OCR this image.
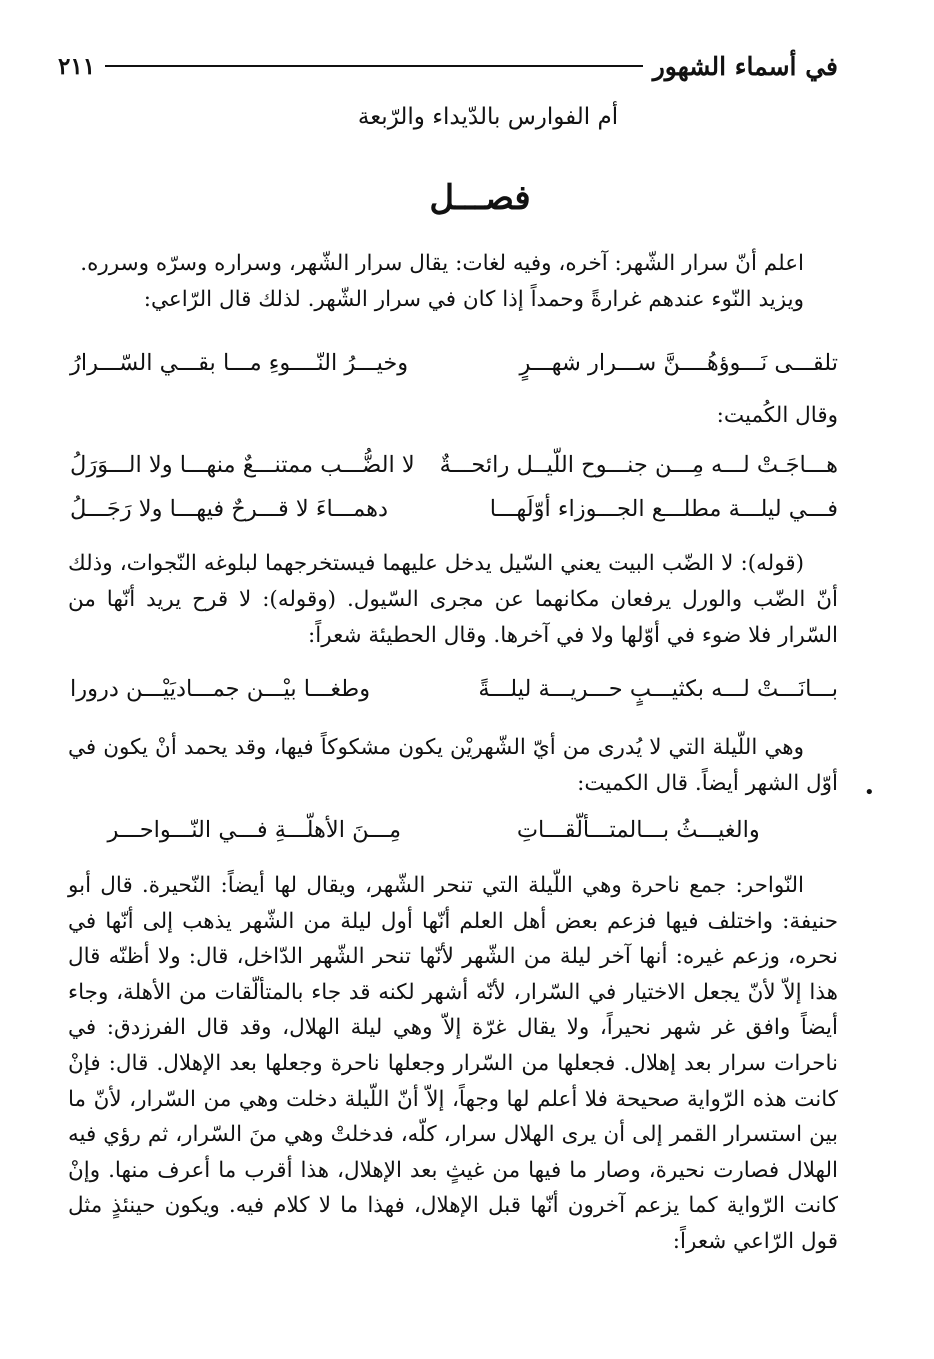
في أسماء الشهور
٢١١
أم الفوارس بالدّيداء والرّبعة
فصـــل

اعلم أنّ سرار الشّهر: آخره، وفيه لغات: يقال سرار الشّهر، وسراره وسرّه وسرره.

ويزيد النّوء عندهم غرارةً وحمداً إذا كان في سرار الشّهر. لذلك قال الرّاعي:

تلقـــى نَـــوؤهُــــنَّ ســـرار شهـــرٍ
وخيـــرُ النّــــوءِ مـــا بقـــي السّـــرارُ

وقال الكُميت:

هـــاجَـتْ لـــه مِـــن جنـــوح اللّيــل رائحـــةٌ
لا الضُّـــب ممتنـــعٌ منهـــا ولا الـــوَرَلُ
فـــي ليلـــة مطلـــع الجـــوزاء أوّلَهـــا
دهمـــاءَ لا قـــرحٌ فيهـــا ولا رَجَـــلُ

(قوله): لا الضّب البيت يعني السّيل يدخل عليهما فيستخرجهما لبلوغه النّجوات، وذلك أنّ الضّب والورل يرفعان مكانهما عن مجرى السّيول. (وقوله): لا قرح يريد أنّها من السّرار فلا ضوء في أوّلها ولا في آخرها. وقال الحطيئة شعراً:

بـــانَـــتْ لـــه بكثيـــبٍ حـــريـــة ليلـــةً
وطغـــا بيْـــن جمـــاديَيْـــن درورا

وهي اللّيلة التي لا يُدرى من أيّ الشّهريْن يكون مشكوكاً فيها، وقد يحمد أنْ يكون في أوّل الشهر أيضاً. قال الكميت: •
والغيـــثُ بـــالمتـــألّقـــاتِ
مِـــنَ الأهلّـــةِ فـــي النّـــواحـــر

النّواحر: جمع ناحرة وهي اللّيلة التي تنحر الشّهر، ويقال لها أيضاً: النّحيرة. قال أبو حنيفة: واختلف فيها فزعم بعض أهل العلم أنّها أول ليلة من الشّهر يذهب إلى أنّها في نحره، وزعم غيره: أنها آخر ليلة من الشّهر لأنّها تنحر الشّهر الدّاخل، قال: ولا أظنّه قال هذا إلاّ لأنّ يجعل الاختيار في السّرار، لأنّه أشهر لكنه قد جاء بالمتألّقات من الأهلة، وجاء أيضاً وافق غر شهر نحيراً، ولا يقال غرّة إلاّ وهي ليلة الهلال، وقد قال الفرزدق: في ناحرات سرار بعد إهلال. فجعلها من السّرار وجعلها ناحرة وجعلها بعد الإهلال. قال: فإنْ كانت هذه الرّواية صحيحة فلا أعلم لها وجهاً، إلاّ أنّ اللّيلة دخلت وهي من السّرار، لأنّ ما بين استسرار القمر إلى أن يرى الهلال سرار، كلّه، فدخلتْ وهي منَ السّرار، ثم رؤي فيه الهلال فصارت نحيرة، وصار ما فيها من غيثٍ بعد الإهلال، هذا أقرب ما أعرف منها. وإنْ كانت الرّواية كما يزعم آخرون أنّها قبل الإهلال، فهذا ما لا كلام فيه. ويكون حينئذٍ مثل قول الرّاعي شعراً:
